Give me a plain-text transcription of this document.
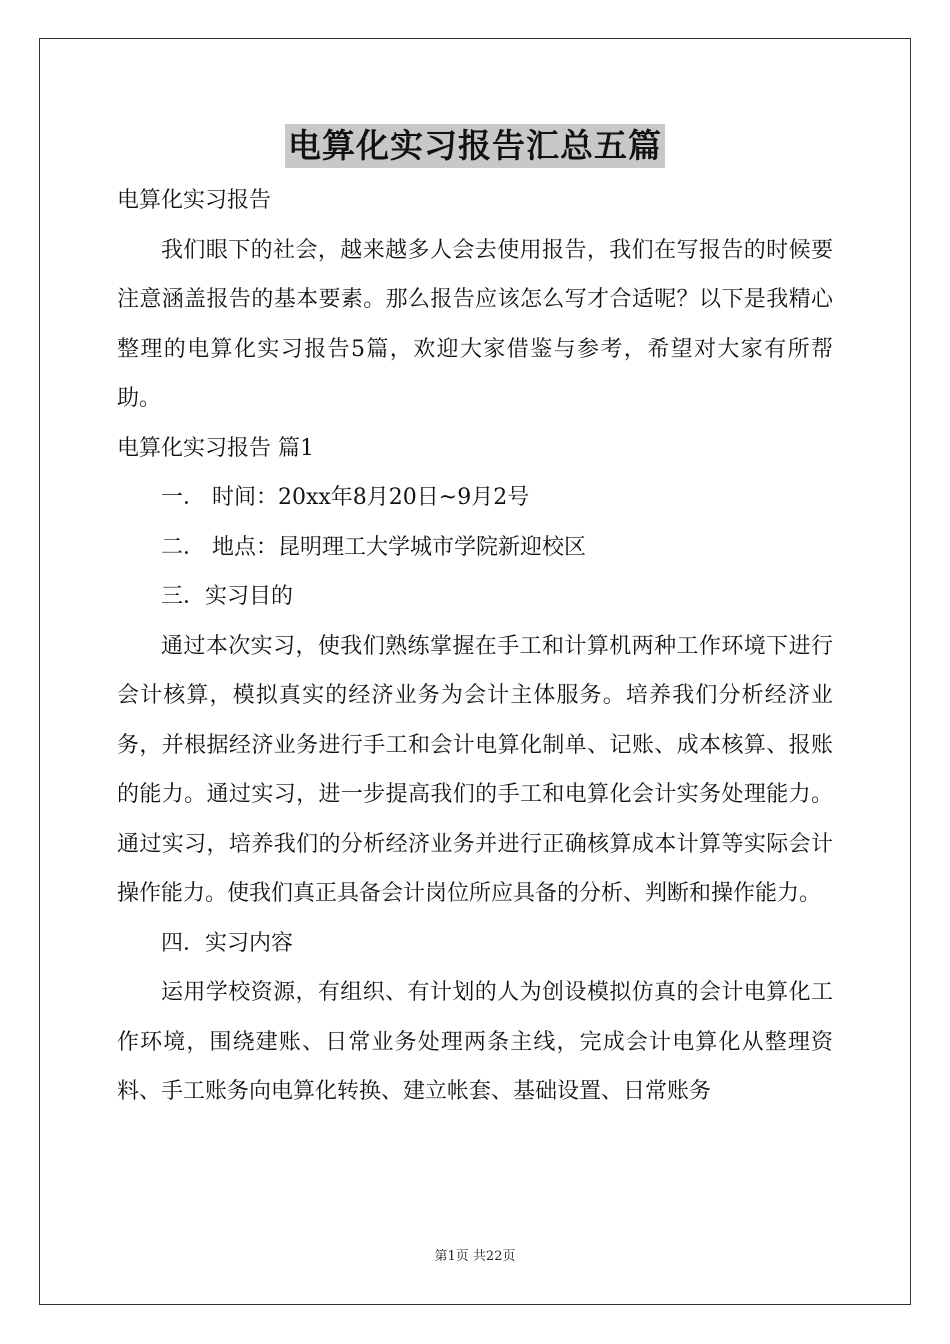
电算化实习报告汇总五篇

电算化实习报告

我们眼下的社会，越来越多人会去使用报告，我们在写报告的时候要注意涵盖报告的基本要素。那么报告应该怎么写才合适呢？以下是我精心整理的电算化实习报告5篇，欢迎大家借鉴与参考，希望对大家有所帮助。

电算化实习报告 篇1

一． 时间：20xx年8月20日~9月2号

二． 地点：昆明理工大学城市学院新迎校区

三．实习目的

通过本次实习，使我们熟练掌握在手工和计算机两种工作环境下进行会计核算，模拟真实的经济业务为会计主体服务。培养我们分析经济业务，并根据经济业务进行手工和会计电算化制单、记账、成本核算、报账的能力。通过实习，进一步提高我们的手工和电算化会计实务处理能力。通过实习，培养我们的分析经济业务并进行正确核算成本计算等实际会计操作能力。使我们真正具备会计岗位所应具备的分析、判断和操作能力。

四．实习内容

运用学校资源，有组织、有计划的人为创设模拟仿真的会计电算化工作环境，围绕建账、日常业务处理两条主线，完成会计电算化从整理资料、手工账务向电算化转换、建立帐套、基础设置、日常账务

第1页 共22页
